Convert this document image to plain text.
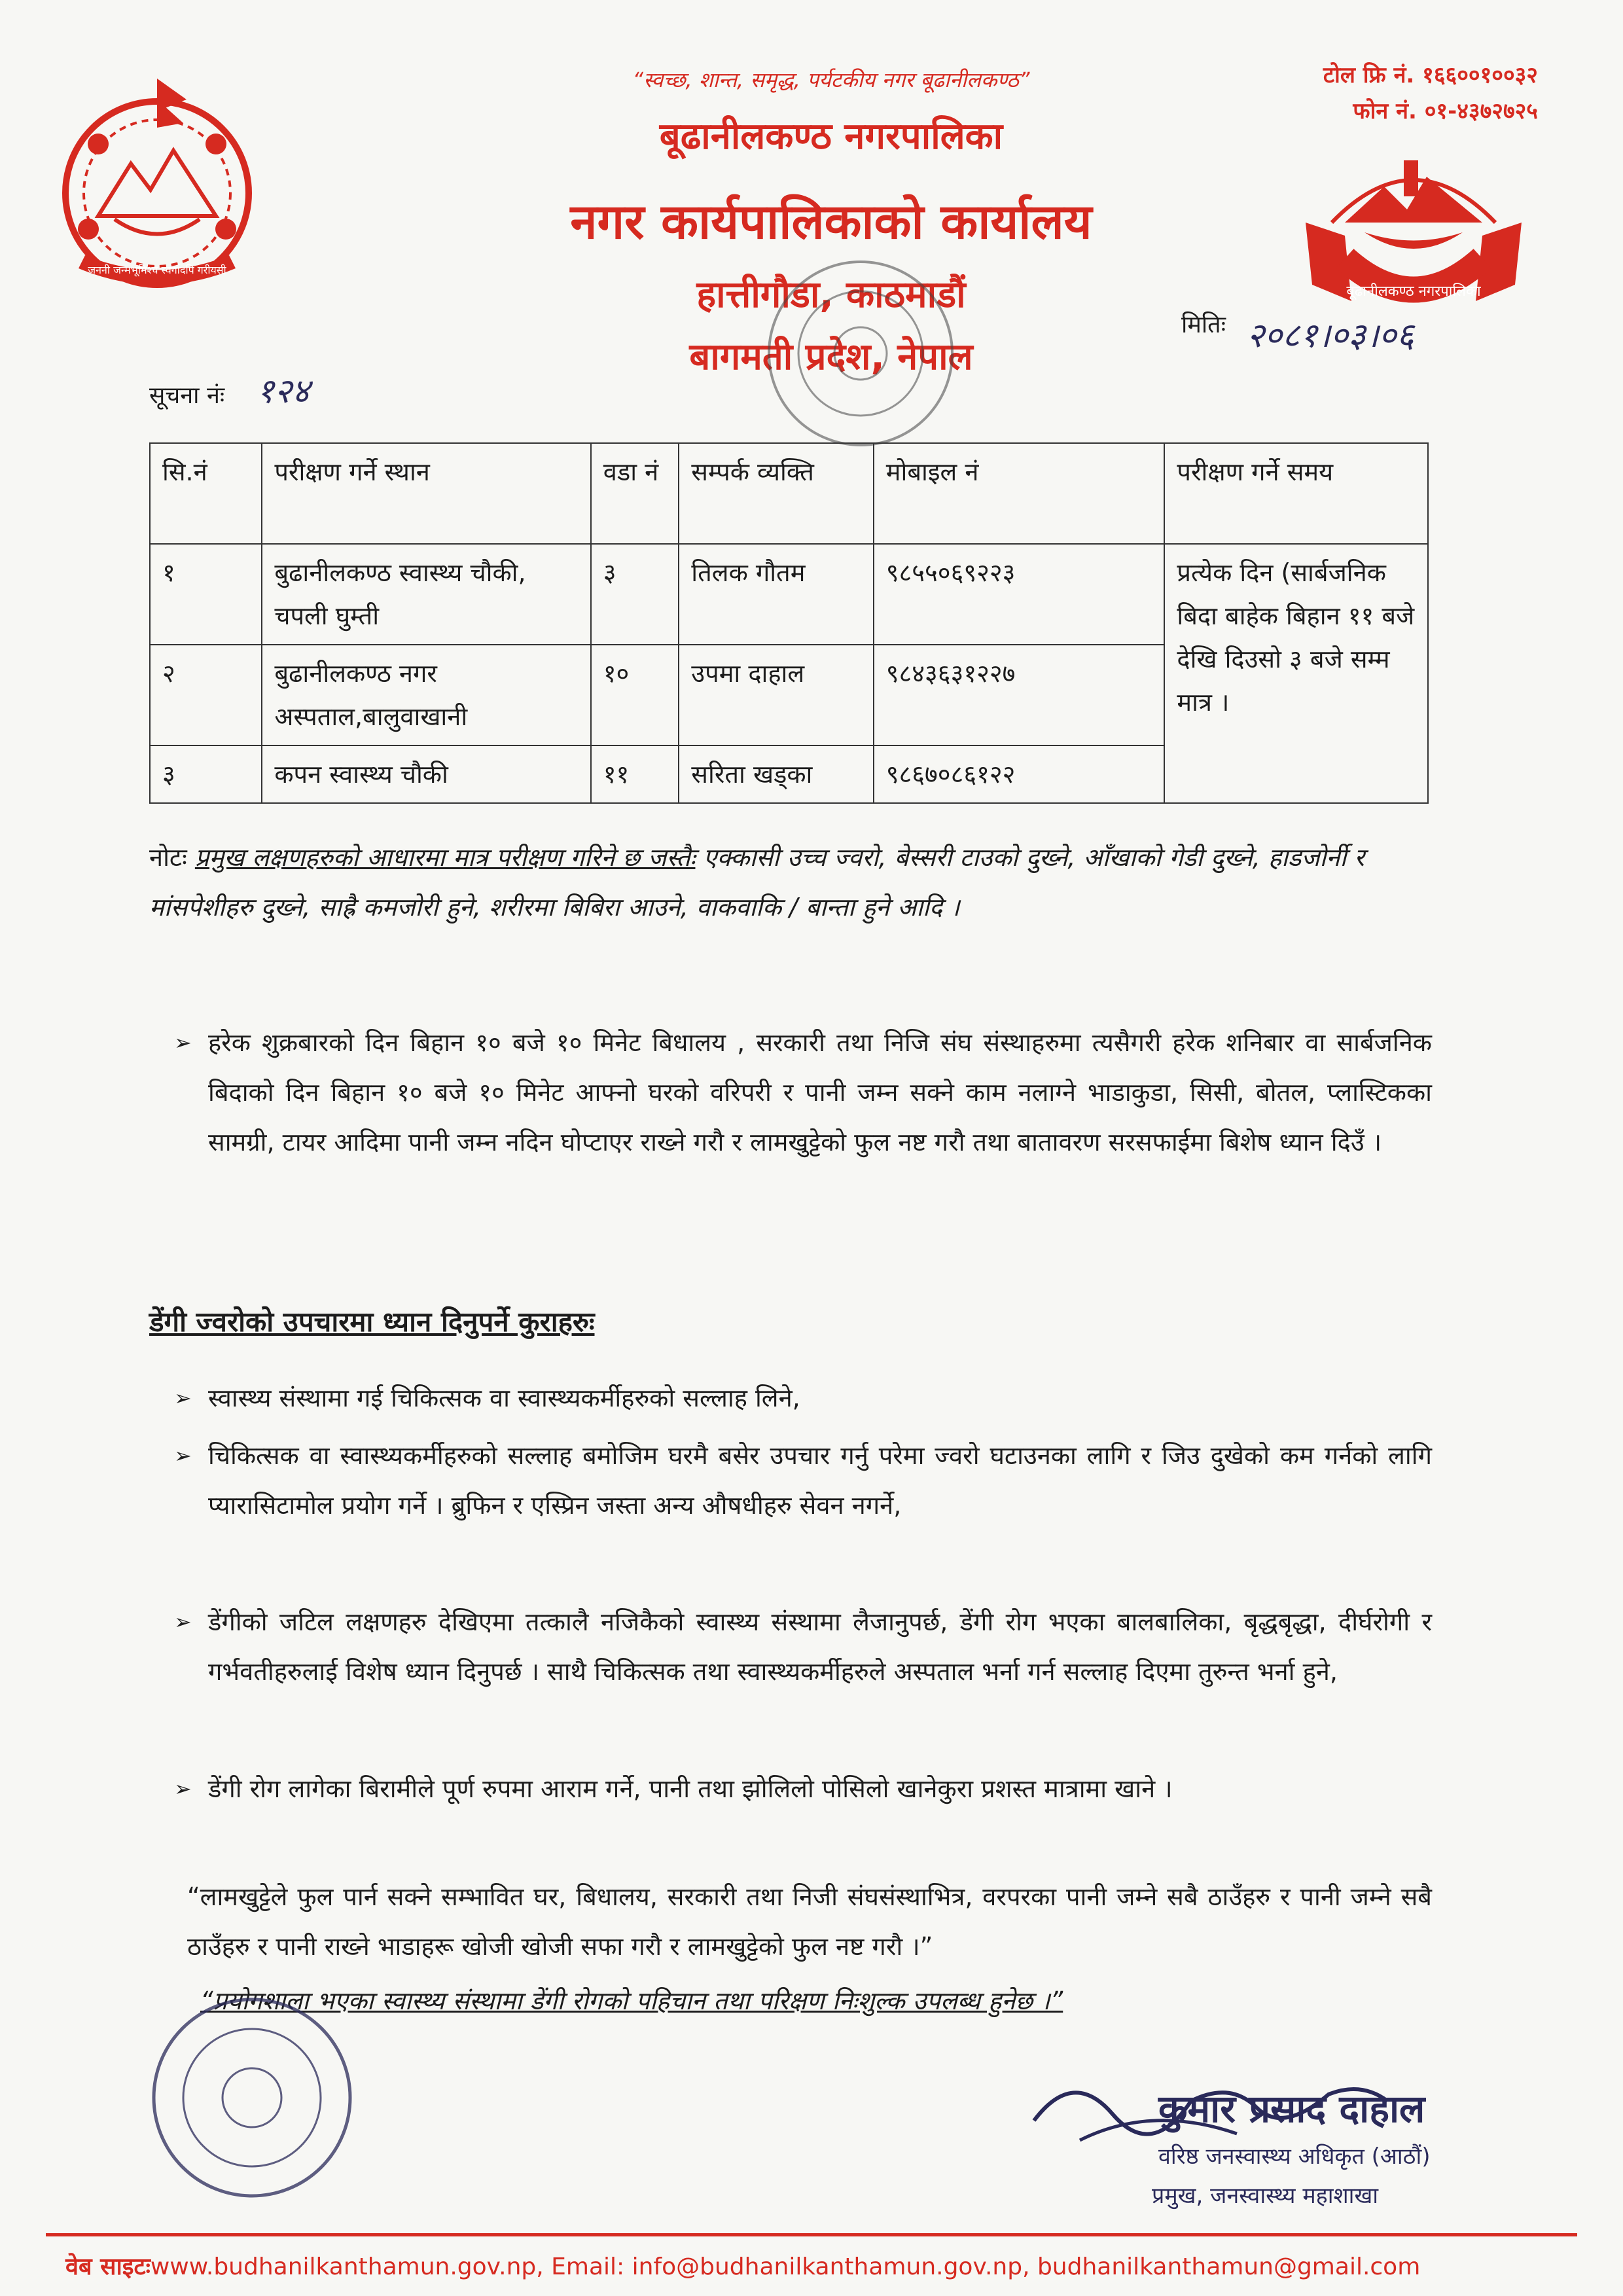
जननी जन्मभूमिश्च स्वर्गादपि गरीयसी
“स्वच्छ, शान्त, समृद्ध, पर्यटकीय नगर बूढानीलकण्ठ”
बूढानीलकण्ठ नगरपालिका
नगर कार्यपालिकाको कार्यालय
हात्तीगौडा, काठमाडौं
बागमती प्रदेश, नेपाल
टोल फ्रि नं. १६६००१००३२
फोन नं. ०१-४३७२७२५
बूढानीलकण्ठ नगरपालिका
मितिः २०८१।०३।०६
सूचना नंः १२४
सि.नं	परीक्षण गर्ने स्थान	वडा नं	सम्पर्क व्यक्ति	मोबाइल नं	परीक्षण गर्ने समय
१	बुढानीलकण्ठ स्वास्थ्य चौकी, चपली घुम्ती	३	तिलक गौतम	९८५५०६९२२३	प्रत्येक दिन (सार्बजनिक बिदा बाहेक बिहान ११ बजे देखि दिउसो ३ बजे सम्म मात्र ।
२	बुढानीलकण्ठ नगर अस्पताल,बालुवाखानी	१०	उपमा दाहाल	९८४३६३१२२७	
३	कपन स्वास्थ्य चौकी	११	सरिता खड्का	९८६७०८६१२२	
नोटः प्रमुख लक्षणहरुको आधारमा मात्र परीक्षण गरिने छ जस्तैः एक्कासी उच्च ज्वरो, बेस्सरी टाउको दुख्ने, आँखाको गेडी दुख्ने, हाडजोर्नी र मांसपेशीहरु दुख्ने, साह्रै कमजोरी हुने, शरीरमा बिबिरा आउने, वाकवाकि / बान्ता हुने आदि ।
➢ हरेक शुक्रबारको दिन बिहान १० बजे १० मिनेट बिधालय , सरकारी तथा निजि संघ संस्थाहरुमा त्यसैगरी हरेक शनिबार वा सार्बजनिक बिदाको दिन बिहान १० बजे १० मिनेट आफ्नो घरको वरिपरी र पानी जम्न सक्ने काम नलाग्ने भाडाकुडा, सिसी, बोतल, प्लास्टिकका सामग्री, टायर आदिमा पानी जम्न नदिन घोप्टाएर राख्ने गरौ र लामखुट्टेको फुल नष्ट गरौ तथा बातावरण सरसफाईमा बिशेष ध्यान दिउँ ।
डेंगी ज्वरोको उपचारमा ध्यान दिनुपर्ने कुराहरुः
➢ स्वास्थ्य संस्थामा गई चिकित्सक वा स्वास्थ्यकर्मीहरुको सल्लाह लिने,
➢ चिकित्सक वा स्वास्थ्यकर्मीहरुको सल्लाह बमोजिम घरमै बसेर उपचार गर्नु परेमा ज्वरो घटाउनका लागि र जिउ दुखेको कम गर्नको लागि प्यारासिटामोल प्रयोग गर्ने । ब्रुफिन र एस्प्रिन जस्ता अन्य औषधीहरु सेवन नगर्ने,
➢ डेंगीको जटिल लक्षणहरु देखिएमा तत्कालै नजिकैको स्वास्थ्य संस्थामा लैजानुपर्छ, डेंगी रोग भएका बालबालिका, बृद्धबृद्धा, दीर्घरोगी र गर्भवतीहरुलाई विशेष ध्यान दिनुपर्छ । साथै चिकित्सक तथा स्वास्थ्यकर्मीहरुले अस्पताल भर्ना गर्न सल्लाह दिएमा तुरुन्त भर्ना हुने,
➢ डेंगी रोग लागेका बिरामीले पूर्ण रुपमा आराम गर्ने, पानी तथा झोलिलो पोसिलो खानेकुरा प्रशस्त मात्रामा खाने ।
“लामखुट्टेले फुल पार्न सक्ने सम्भावित घर, बिधालय, सरकारी तथा निजी संघसंस्थाभित्र, वरपरका पानी जम्ने सबै ठाउँहरु र पानी जम्ने सबै ठाउँहरु र पानी राख्ने भाडाहरू खोजी खोजी सफा गरौ र लामखुट्टेको फुल नष्ट गरौ ।”
“प्रयोगशाला भएका स्वास्थ्य संस्थामा डेंगी रोगको पहिचान तथा परिक्षण निःशुल्क उपलब्ध हुनेछ ।”
कुमार प्रसाद दाहाल
वरिष्ठ जनस्वास्थ्य अधिकृत (आठौं)
प्रमुख, जनस्वास्थ्य महाशाखा
वेब साइटःwww.budhanilkanthamun.gov.np, Email: info@budhanilkanthamun.gov.np, budhanilkanthamun@gmail.com
